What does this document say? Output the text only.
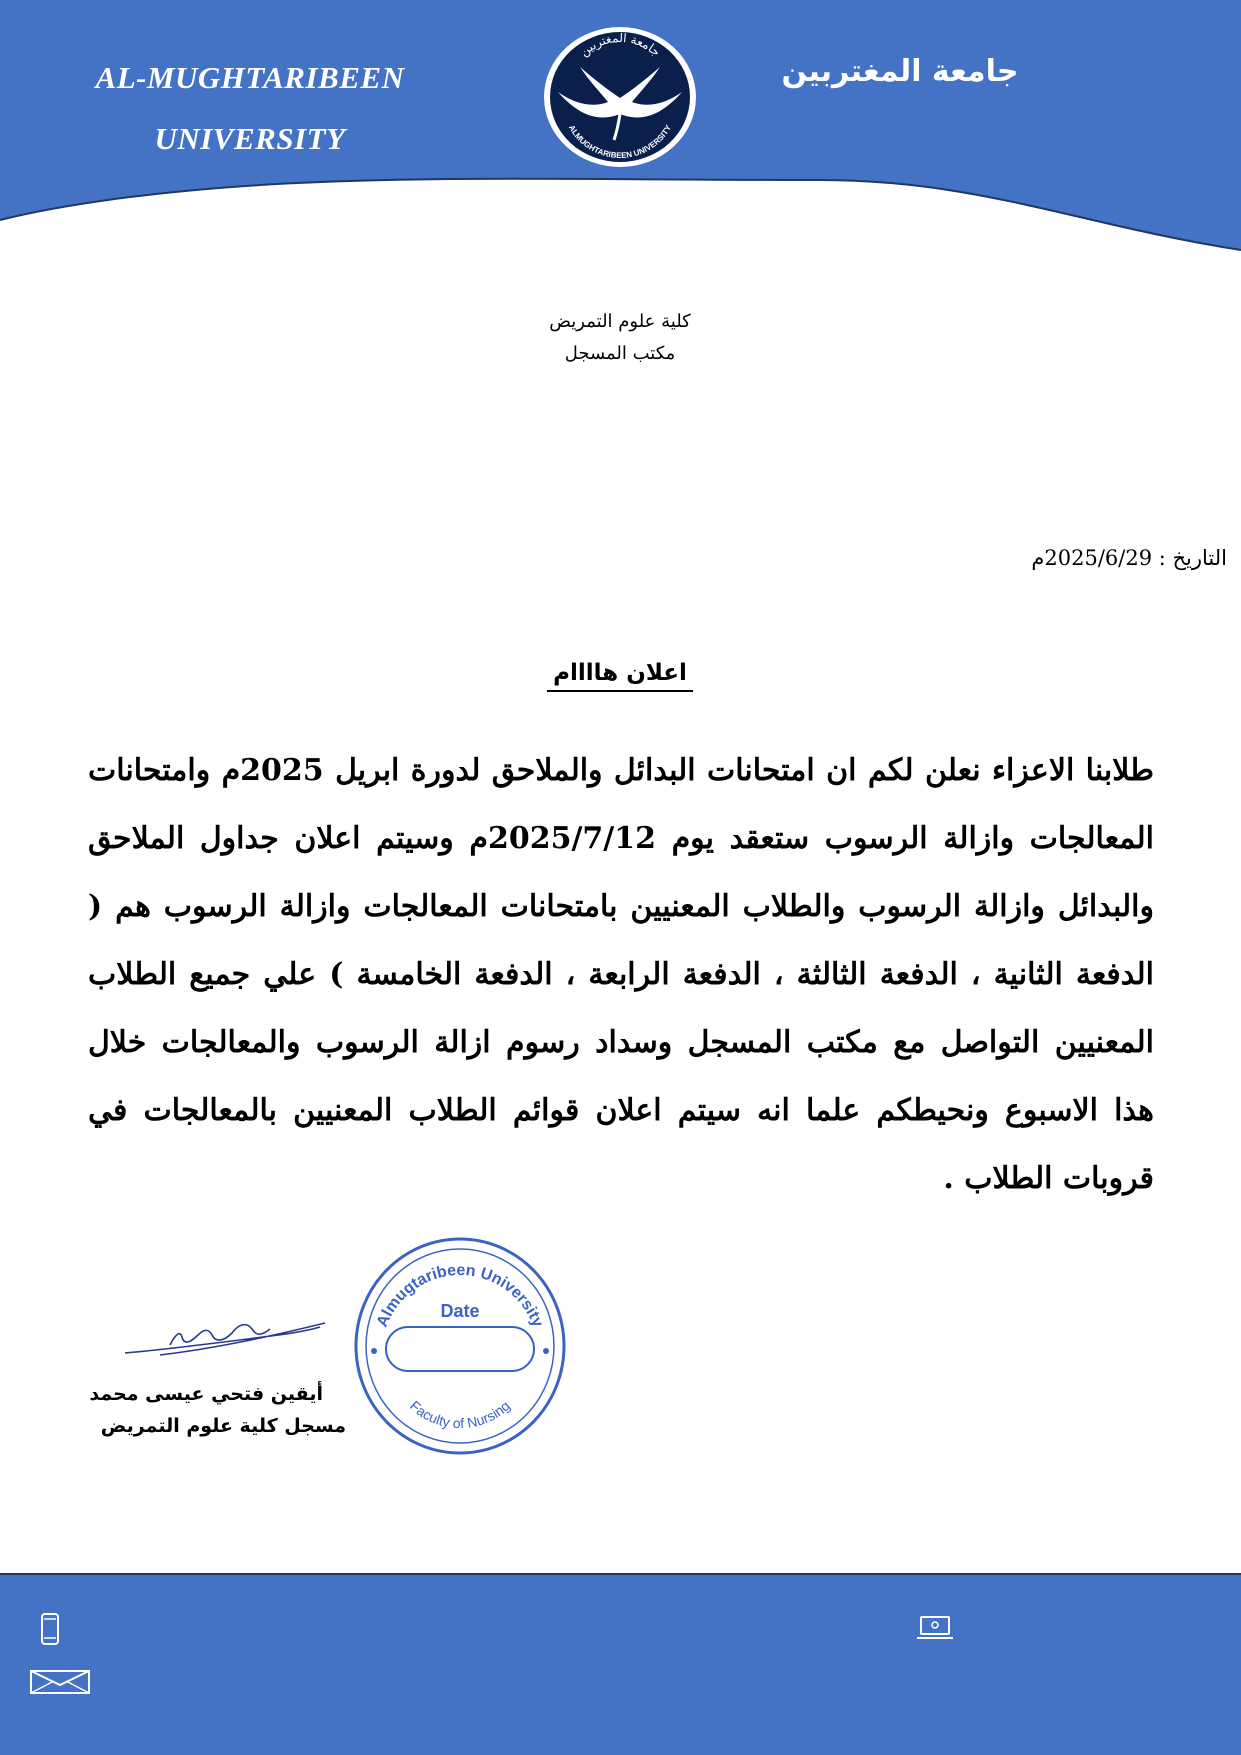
AL-MUGHTARIBEEN
UNIVERSITY
جامعة المغتربين
ALMUGHTARIBEEN UNIVERSITY
جامعة المغتربين
كلية علوم التمريض
مكتب المسجل
التاريخ : 2025/6/29م
اعلان هاااام
طلابنا الاعزاء نعلن لكم ان امتحانات البدائل والملاحق لدورة ابريل 2025م وامتحانات المعالجات وازالة الرسوب ستعقد يوم 2025/7/12م وسيتم اعلان جداول الملاحق والبدائل وازالة الرسوب والطلاب المعنيين بامتحانات المعالجات وازالة الرسوب هم ( الدفعة الثانية ، الدفعة الثالثة ، الدفعة الرابعة ، الدفعة الخامسة ) علي جميع الطلاب المعنيين التواصل مع مكتب المسجل وسداد رسوم ازالة الرسوب والمعالجات خلال هذا الاسبوع ونحيطكم علما انه سيتم اعلان قوائم الطلاب المعنيين بالمعالجات في قروبات الطلاب .
أيقين فتحي عيسى محمد
مسجل كلية علوم التمريض
Almugtaribeen University
Date
Faculty of Nursing
